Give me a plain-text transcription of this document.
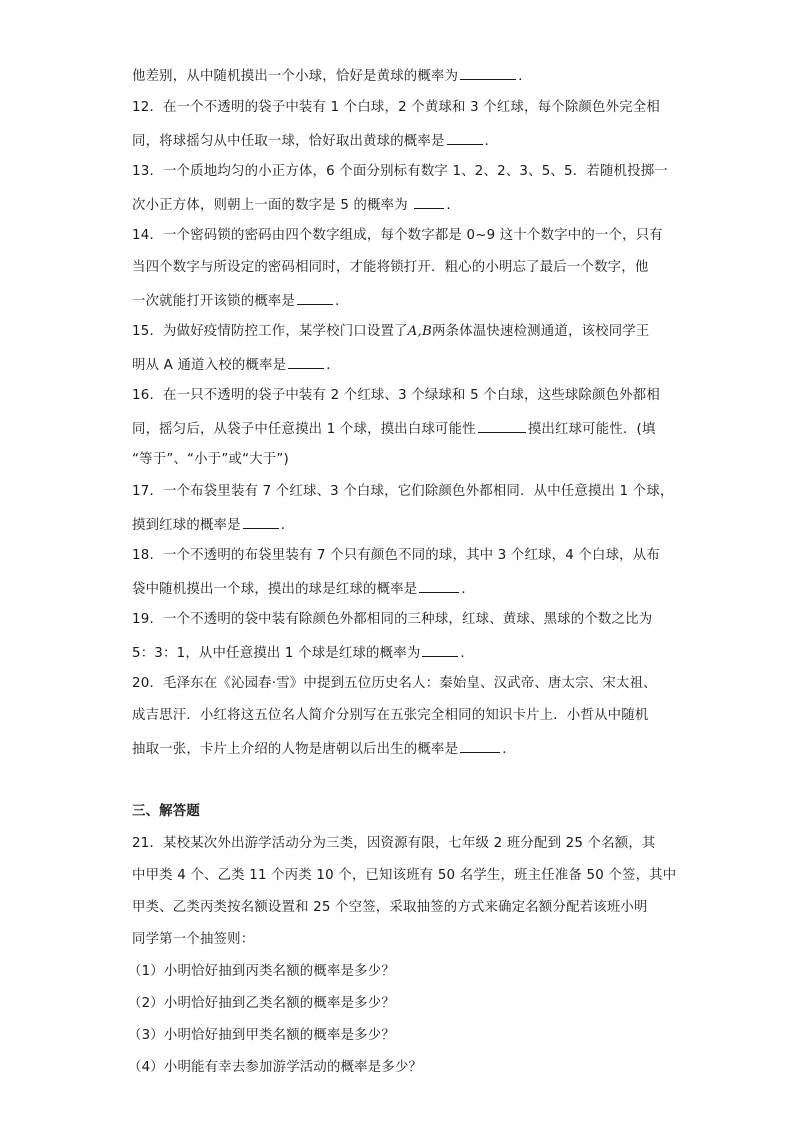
他差别，从中随机摸出一个小球，恰好是黄球的概率为	．
12．在一个不透明的袋子中装有 1 个白球，2 个黄球和 3 个红球，每个除颜色外完全相
同，将球摇匀从中任取一球，恰好取出黄球的概率是	．
13．一个质地均匀的小正方体，6 个面分别标有数字 1、2、2、3、5、5．若随机投掷一
次小正方体，则朝上一面的数字是 5 的概率为	.
14．一个密码锁的密码由四个数字组成，每个数字都是 0~9 这十个数字中的一个，只有
当四个数字与所设定的密码相同时，才能将锁打开．粗心的小明忘了最后一个数字，他
一次就能打开该锁的概率是	．
15．为做好疫情防控工作，某学校门口设置了A,B两条体温快速检测通道，该校同学王
明从 A 通道入校的概率是	．
16．在一只不透明的袋子中装有 2 个红球、3 个绿球和 5 个白球，这些球除颜色外都相
同，摇匀后，从袋子中任意摸出 1 个球，摸出白球可能性	摸出红球可能性．(填
“等于”、“小于”或“大于”)
17．一个布袋里装有 7 个红球、3 个白球，它们除颜色外都相同．从中任意摸出 1 个球，
摸到红球的概率是	．
18．一个不透明的布袋里装有 7 个只有颜色不同的球，其中 3 个红球，4 个白球，从布
袋中随机摸出一个球，摸出的球是红球的概率是	．
19．一个不透明的袋中装有除颜色外都相同的三种球，红球、黄球、黑球的个数之比为
5：3：1，从中任意摸出 1 个球是红球的概率为	．
20．毛泽东在《沁园春·雪》中提到五位历史名人：秦始皇、汉武帝、唐太宗、宋太祖、
成吉思汗．小红将这五位名人简介分别写在五张完全相同的知识卡片上．小哲从中随机
抽取一张，卡片上介绍的人物是唐朝以后出生的概率是	．
三、解答题
21．某校某次外出游学活动分为三类，因资源有限，七年级 2 班分配到 25 个名额，其
中甲类 4 个、乙类 11 个丙类 10 个，已知该班有 50 名学生，班主任准备 50 个签，其中
甲类、乙类丙类按名额设置和 25 个空签，采取抽签的方式来确定名额分配若该班小明
同学第一个抽签则：
（1）小明恰好抽到丙类名额的概率是多少？
（2）小明恰好抽到乙类名额的概率是多少？
（3）小明恰好抽到甲类名额的概率是多少？
（4）小明能有幸去参加游学活动的概率是多少？
